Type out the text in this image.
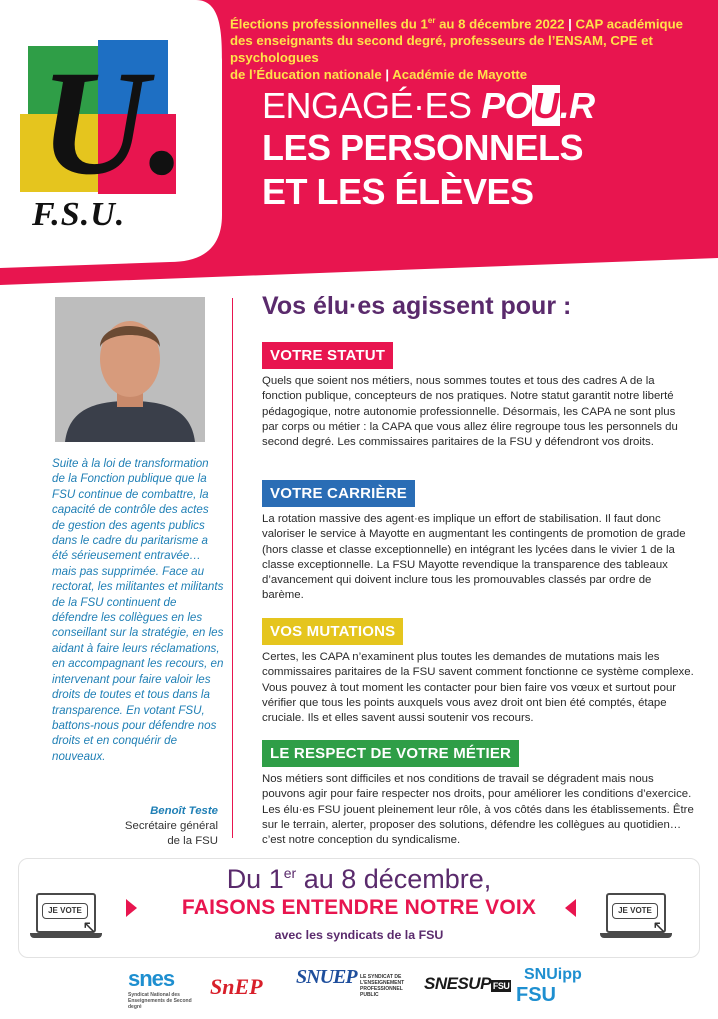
U.
F.S.U.
Élections professionnelles du 1er au 8 décembre 2022 | CAP académique
des enseignants du second degré, professeurs de l’ENSAM, CPE et psychologues
de l’Éducation nationale | Académie de Mayotte
ENGAGÉ·ES POU.R
LES PERSONNELS
ET LES ÉLÈVES
Suite à la loi de transformation de la Fonction publique que la FSU continue de combattre, la capacité de contrôle des actes de gestion des agents publics dans le cadre du paritarisme a été sérieusement entravée… mais pas supprimée. Face au rectorat, les militantes et militants de la FSU continuent de défendre les collègues en les conseillant sur la stratégie, en les aidant à faire leurs réclamations, en accompagnant les recours, en intervenant pour faire valoir les droits de toutes et tous dans la transparence. En votant FSU, battons-nous pour défendre nos droits et en conquérir de nouveaux.
Benoît Teste
Secrétaire général
de la FSU
Vos élu·es agissent pour :
VOTRE STATUT
Quels que soient nos métiers, nous sommes toutes et tous des cadres A de la fonction publique, concepteurs de nos pratiques. Notre statut garantit notre liberté pédagogique, notre autonomie professionnelle. Désormais, les CAPA ne sont plus par corps ou métier : la CAPA que vous allez élire regroupe tous les personnels du second degré. Les commissaires paritaires de la FSU y défendront vos droits.
VOTRE CARRIÈRE
La rotation massive des agent·es implique un effort de stabilisation. Il faut donc valoriser le service à Mayotte en augmentant les contingents de promotion de grade (hors classe et classe exceptionnelle) en intégrant les lycées dans le vivier 1 de la classe exceptionnelle. La FSU Mayotte revendique la transparence des tableaux d’avancement qui doivent inclure tous les promouvables classés par ordre de barème.
VOS MUTATIONS
Certes, les CAPA n’examinent plus toutes les demandes de mutations mais les commissaires paritaires de la FSU savent comment fonctionne ce système complexe. Vous pouvez à tout moment les contacter pour bien faire vos vœux et surtout pour vérifier que tous les points auxquels vous avez droit ont bien été comptés, étape cruciale. Ils et elles savent aussi soutenir vos recours.
LE RESPECT DE VOTRE MÉTIER
Nos métiers sont difficiles et nos conditions de travail se dégradent mais nous pouvons agir pour faire respecter nos droits, pour améliorer les conditions d’exercice. Les élu·es FSU jouent pleinement leur rôle, à vos côtés dans les établissements. Être sur le terrain, alerter, proposer des solutions, défendre les collègues au quotidien… c’est notre conception du syndicalisme.
JE VOTE
↖
JE VOTE
↖
Du 1er au 8 décembre,
FAISONS ENTENDRE NOTRE VOIX
avec les syndicats de la FSU
snes
Syndicat National des Enseignements de Second degré
SnEP	SNUEP LE SYNDICAT DE L’ENSEIGNEMENT PROFESSIONNEL PUBLIC
SNESUP FSU
SNUipp
FSU
